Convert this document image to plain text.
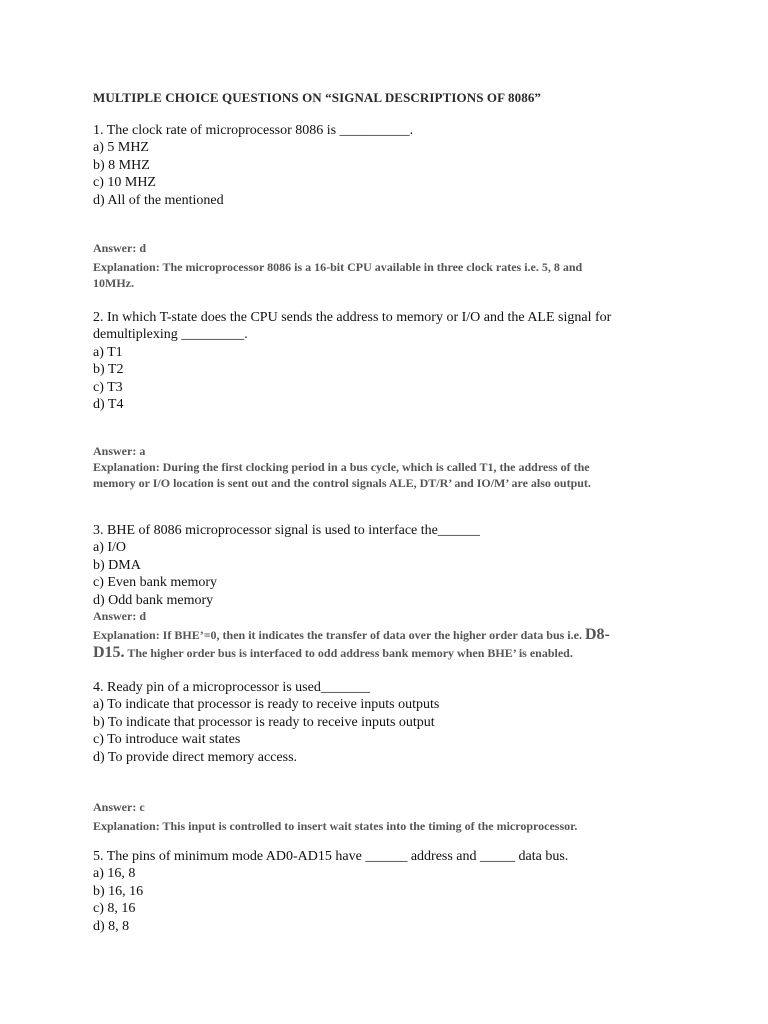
MULTIPLE CHOICE QUESTIONS ON “SIGNAL DESCRIPTIONS OF 8086”
1. The clock rate of microprocessor 8086 is __________.
a) 5 MHZ
b) 8 MHZ
c) 10 MHZ
d) All of the mentioned
Answer: d
Explanation: The microprocessor 8086 is a 16-bit CPU available in three clock rates i.e. 5, 8 and
10MHz.
2. In which T-state does the CPU sends the address to memory or I/O and the ALE signal for
demultiplexing _________.
a) T1
b) T2
c) T3
d) T4
Answer: a
Explanation: During the first clocking period in a bus cycle, which is called T1, the address of the
memory or I/O location is sent out and the control signals ALE, DT/R’ and IO/M’ are also output.
3. BHE of 8086 microprocessor signal is used to interface the______
a) I/O
b) DMA
c) Even bank memory
d) Odd bank memory
Answer: d
Explanation: If BHE’=0, then it indicates the transfer of data over the higher order data bus i.e. D8-
D15. The higher order bus is interfaced to odd address bank memory when BHE’ is enabled.
4. Ready pin of a microprocessor is used_______
a) To indicate that processor is ready to receive inputs outputs
b) To indicate that processor is ready to receive inputs output
c) To introduce wait states
d) To provide direct memory access.
Answer: c
Explanation: This input is controlled to insert wait states into the timing of the microprocessor.
5. The pins of minimum mode AD0-AD15 have ______ address and _____ data bus.
a) 16, 8
b) 16, 16
c) 8, 16
d) 8, 8
